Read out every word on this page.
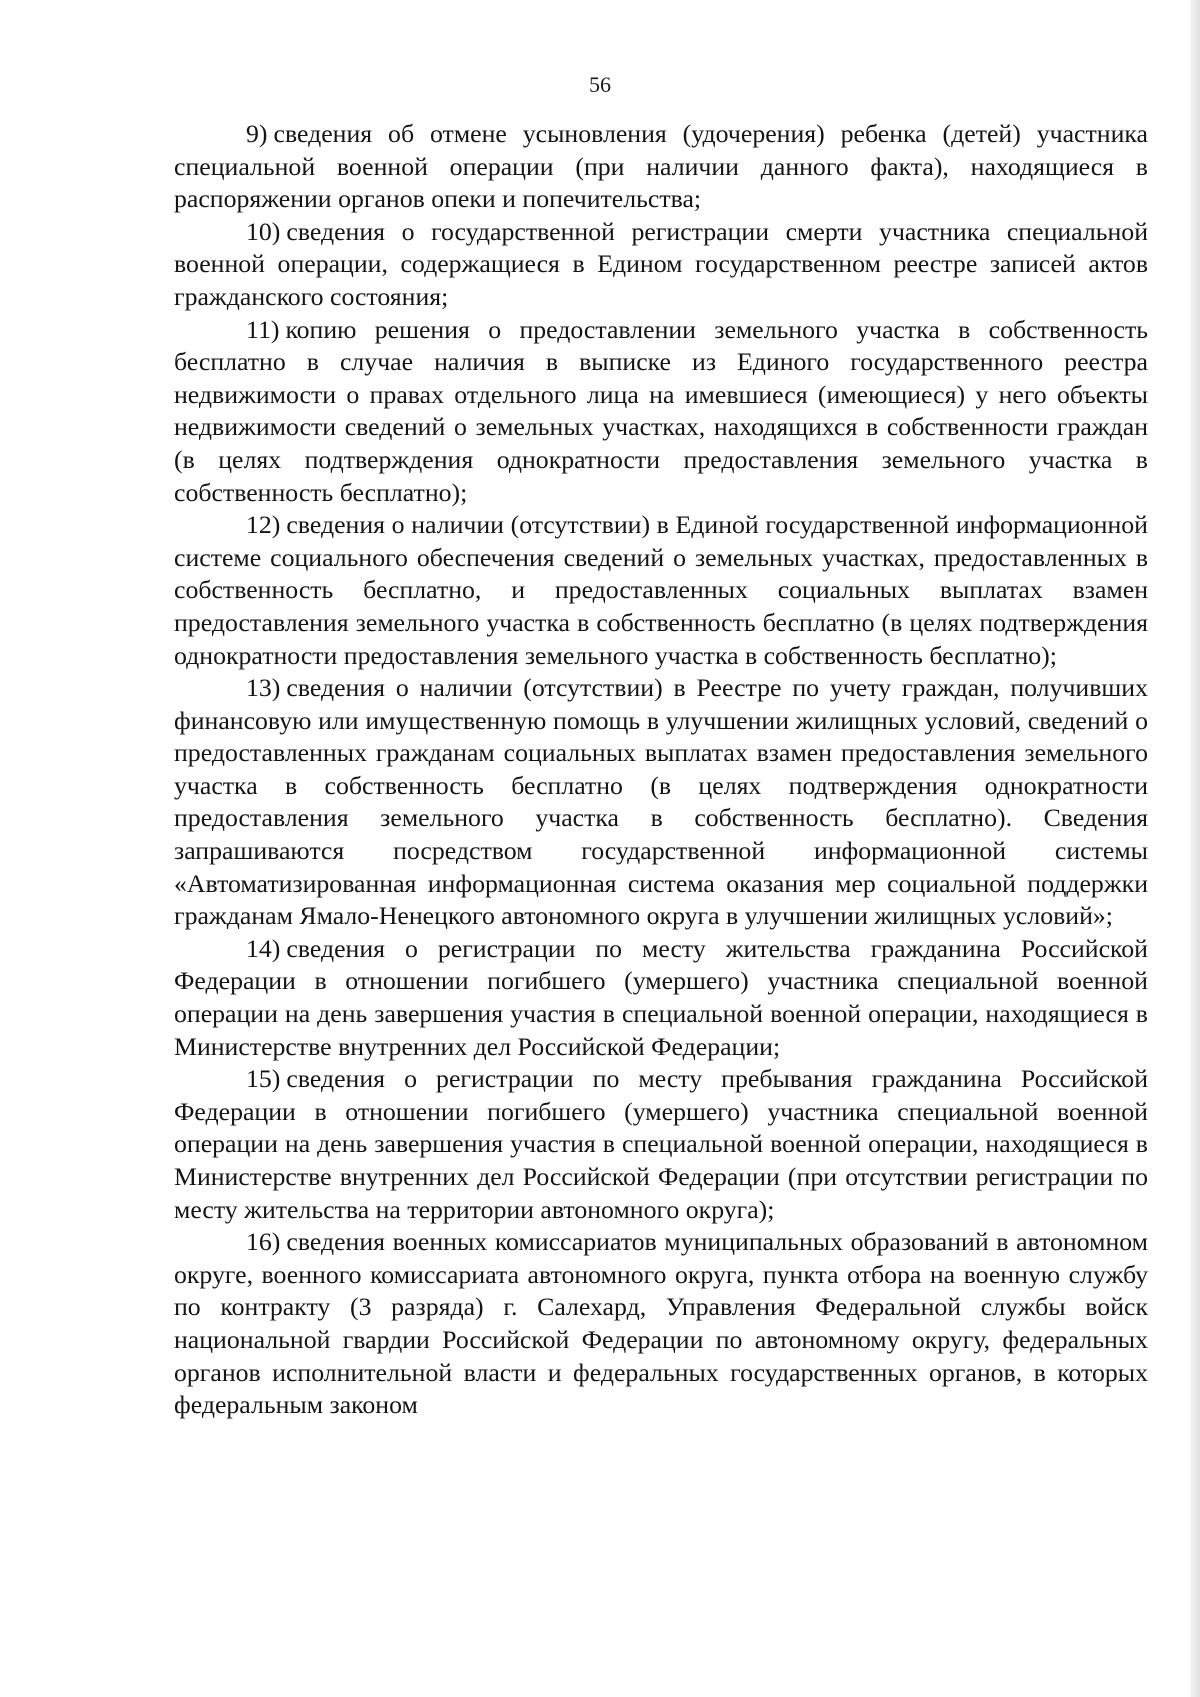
56

9) сведения об отмене усыновления (удочерения) ребенка (детей) участника специальной военной операции (при наличии данного факта), находящиеся в распоряжении органов опеки и попечительства;

10) сведения о государственной регистрации смерти участника специальной военной операции, содержащиеся в Едином государственном реестре записей актов гражданского состояния;

11) копию решения о предоставлении земельного участка в собственность бесплатно в случае наличия в выписке из Единого государственного реестра недвижимости о правах отдельного лица на имевшиеся (имеющиеся) у него объекты недвижимости сведений о земельных участках, находящихся в собственности граждан (в целях подтверждения однократности предоставления земельного участка в собственность бесплатно);

12) сведения о наличии (отсутствии) в Единой государственной информационной системе социального обеспечения сведений о земельных участках, предоставленных в собственность бесплатно, и предоставленных социальных выплатах взамен предоставления земельного участка в собственность бесплатно (в целях подтверждения однократности предоставления земельного участка в собственность бесплатно);

13) сведения о наличии (отсутствии) в Реестре по учету граждан, получивших финансовую или имущественную помощь в улучшении жилищных условий, сведений о предоставленных гражданам социальных выплатах взамен предоставления земельного участка в собственность бесплатно (в целях подтверждения однократности предоставления земельного участка в собственность бесплатно). Сведения запрашиваются посредством государственной информационной системы «Автоматизированная информационная система оказания мер социальной поддержки гражданам Ямало-Ненецкого автономного округа в улучшении жилищных условий»;

14) сведения о регистрации по месту жительства гражданина Российской Федерации в отношении погибшего (умершего) участника специальной военной операции на день завершения участия в специальной военной операции, находящиеся в Министерстве внутренних дел Российской Федерации;

15) сведения о регистрации по месту пребывания гражданина Российской Федерации в отношении погибшего (умершего) участника специальной военной операции на день завершения участия в специальной военной операции, находящиеся в Министерстве внутренних дел Российской Федерации (при отсутствии регистрации по месту жительства на территории автономного округа);

16) сведения военных комиссариатов муниципальных образований в автономном округе, военного комиссариата автономного округа, пункта отбора на военную службу по контракту (3 разряда) г. Салехард, Управления Федеральной службы войск национальной гвардии Российской Федерации по автономному округу, федеральных органов исполнительной власти и федеральных государственных органов, в которых федеральным законом
